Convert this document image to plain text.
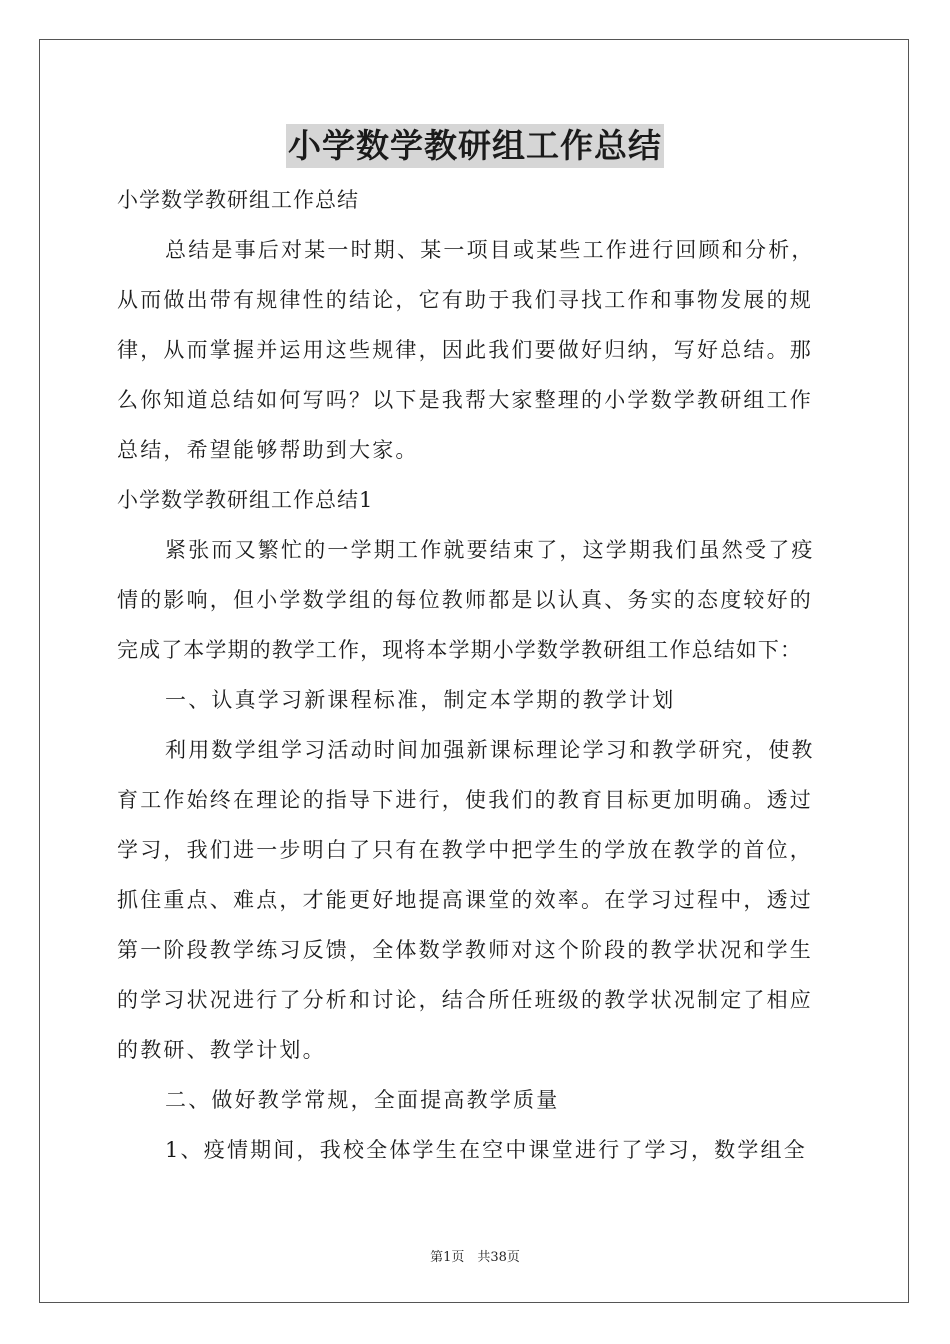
小学数学教研组工作总结
小学数学教研组工作总结
总结是事后对某一时期、某一项目或某些工作进行回顾和分析，
从而做出带有规律性的结论，它有助于我们寻找工作和事物发展的规
律，从而掌握并运用这些规律，因此我们要做好归纳，写好总结。那
么你知道总结如何写吗？以下是我帮大家整理的小学数学教研组工作
总结，希望能够帮助到大家。
小学数学教研组工作总结1
紧张而又繁忙的一学期工作就要结束了，这学期我们虽然受了疫
情的影响，但小学数学组的每位教师都是以认真、务实的态度较好的
完成了本学期的教学工作，现将本学期小学数学教研组工作总结如下：
一、认真学习新课程标准，制定本学期的教学计划
利用数学组学习活动时间加强新课标理论学习和教学研究，使教
育工作始终在理论的指导下进行，使我们的教育目标更加明确。透过
学习，我们进一步明白了只有在教学中把学生的学放在教学的首位，
抓住重点、难点，才能更好地提高课堂的效率。在学习过程中，透过
第一阶段教学练习反馈，全体数学教师对这个阶段的教学状况和学生
的学习状况进行了分析和讨论，结合所任班级的教学状况制定了相应
的教研、教学计划。
二、做好教学常规，全面提高教学质量
1、疫情期间，我校全体学生在空中课堂进行了学习，数学组全
第1页　共38页
